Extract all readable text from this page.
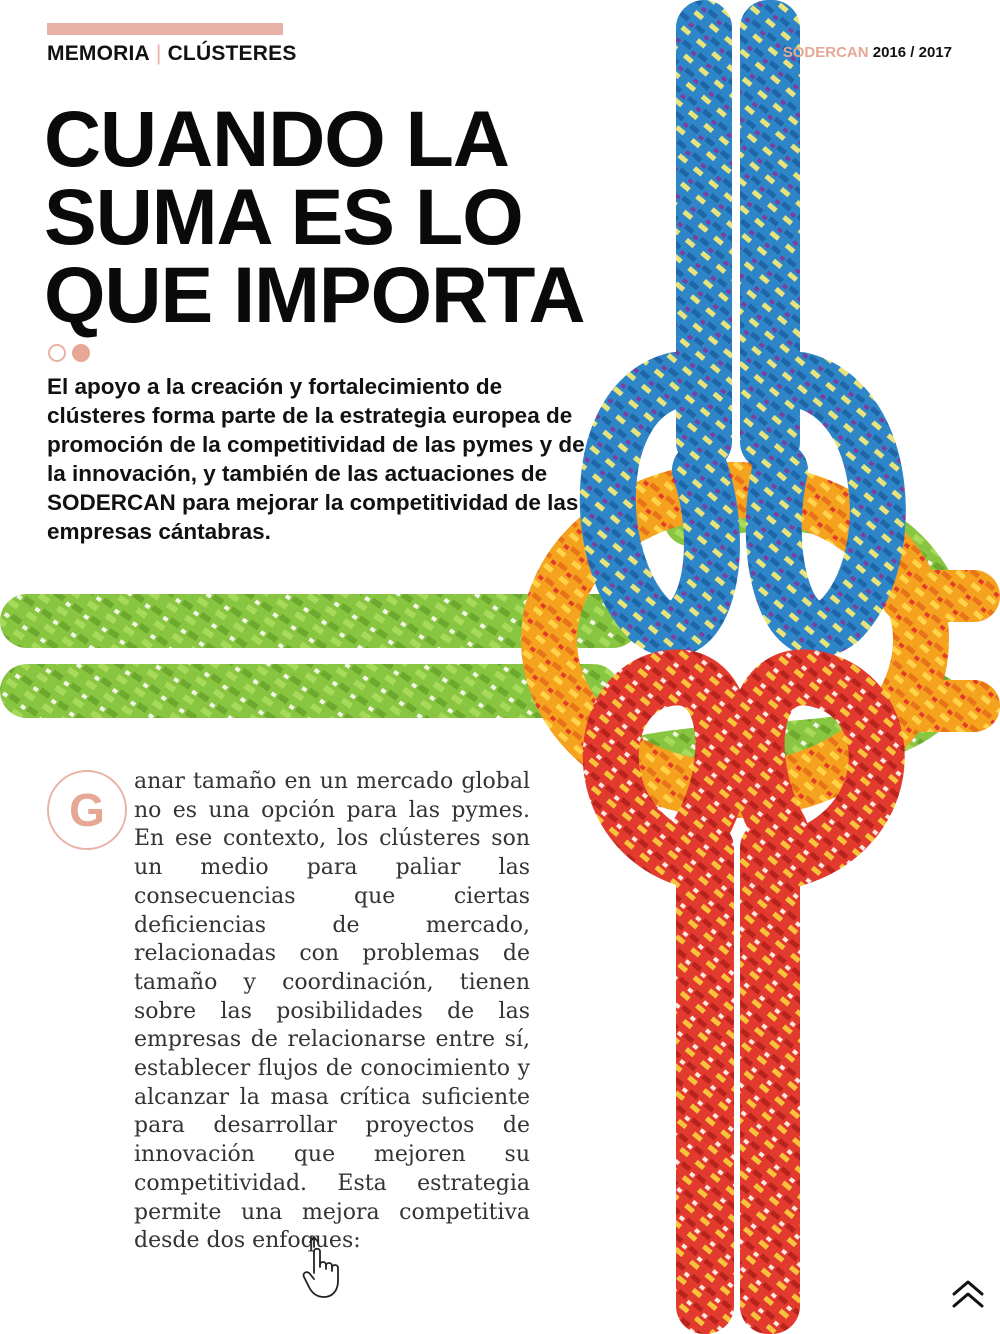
MEMORIA | CLÚSTERES	SODERCAN 2016 / 2017
CUANDO LA SUMA ES LO QUE IMPORTA

El apoyo a la creación y fortalecimiento de clústeres forma parte de la estrategia europea de promoción de la competitividad de las pymes y de la innovación, y también de las actuaciones de SODERCAN para mejorar la competitividad de las empresas cántabras.

G

anar tamaño en un mercado global no es una opción para las pymes. En ese contexto, los clústeres son un medio para paliar las consecuencias que ciertas deficiencias de mercado, relacionadas con problemas de tamaño y coordinación, tienen sobre las posibilidades de las empresas de relacionarse entre sí, establecer flujos de conocimiento y alcanzar la masa crítica suficiente para desarrollar proyectos de innovación que mejoren su competitividad. Esta estrategia permite una mejora competitiva desde dos enfoques:
